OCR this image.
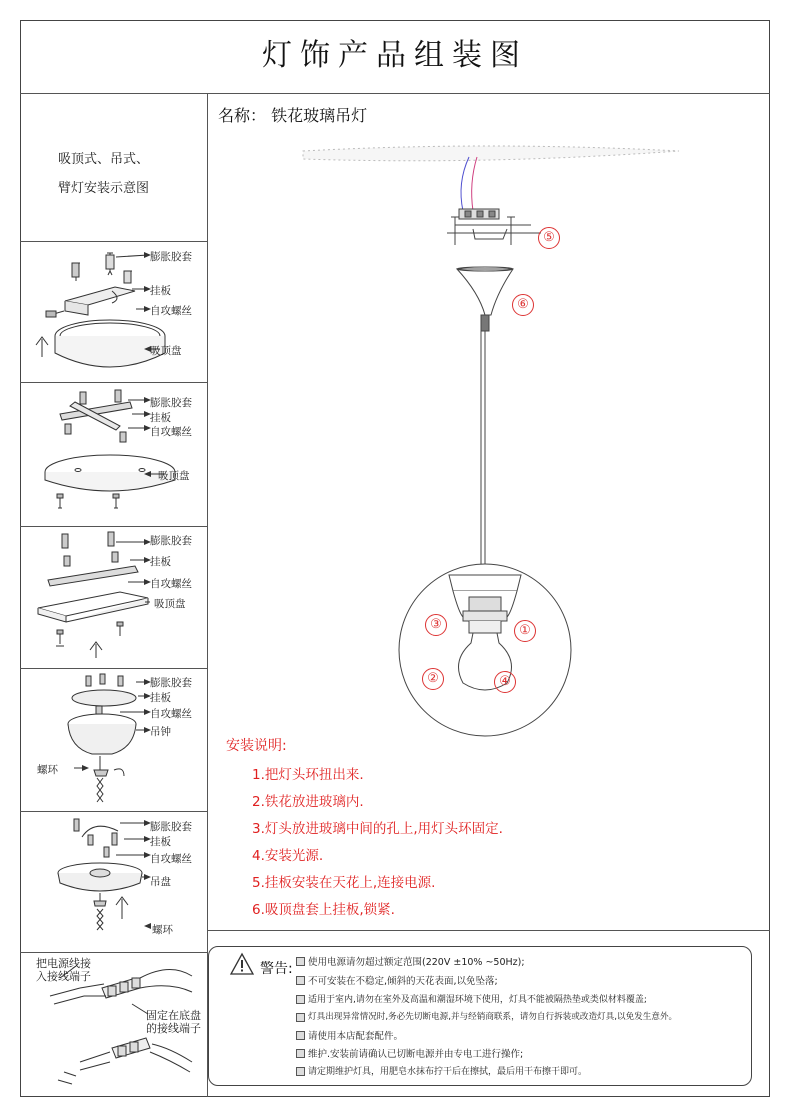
灯饰产品组装图
名称： 铁花玻璃吊灯
吸顶式、吊式、
臂灯安装示意图
膨胀胶套
挂板
自攻螺丝
吸顶盘
膨胀胶套
挂板
自攻螺丝
吸顶盘
膨胀胶套
挂板
自攻螺丝
吸顶盘
膨胀胶套
挂板
自攻螺丝
吊钟
螺环
膨胀胶套
挂板
自攻螺丝
吊盘
螺环
把电源线接
入接线端子
固定在底盘
的接线端子
⑤
⑥
③	①
②	④
安装说明:
1.把灯头环扭出来.
2.铁花放进玻璃内.
3.灯头放进玻璃中间的孔上,用灯头环固定.
4.安装光源.
5.挂板安装在天花上,连接电源.
6.吸顶盘套上挂板,锁紧.
警告: 使用电源请勿超过额定范围(220V ±10% ~50Hz);
不可安装在不稳定,倾斜的天花表面,以免坠落;
适用于室内,请勿在室外及高温和潮湿环境下使用，灯具不能被隔热垫或类似材料覆盖;
灯具出现异常情况时,务必先切断电源,并与经销商联系，请勿自行拆装或改造灯具,以免发生意外。
请使用本店配套配件。
维护.安装前请确认已切断电源并由专电工进行操作;
请定期维护灯具，用肥皂水抹布拧干后在擦拭，最后用干布擦干即可。
